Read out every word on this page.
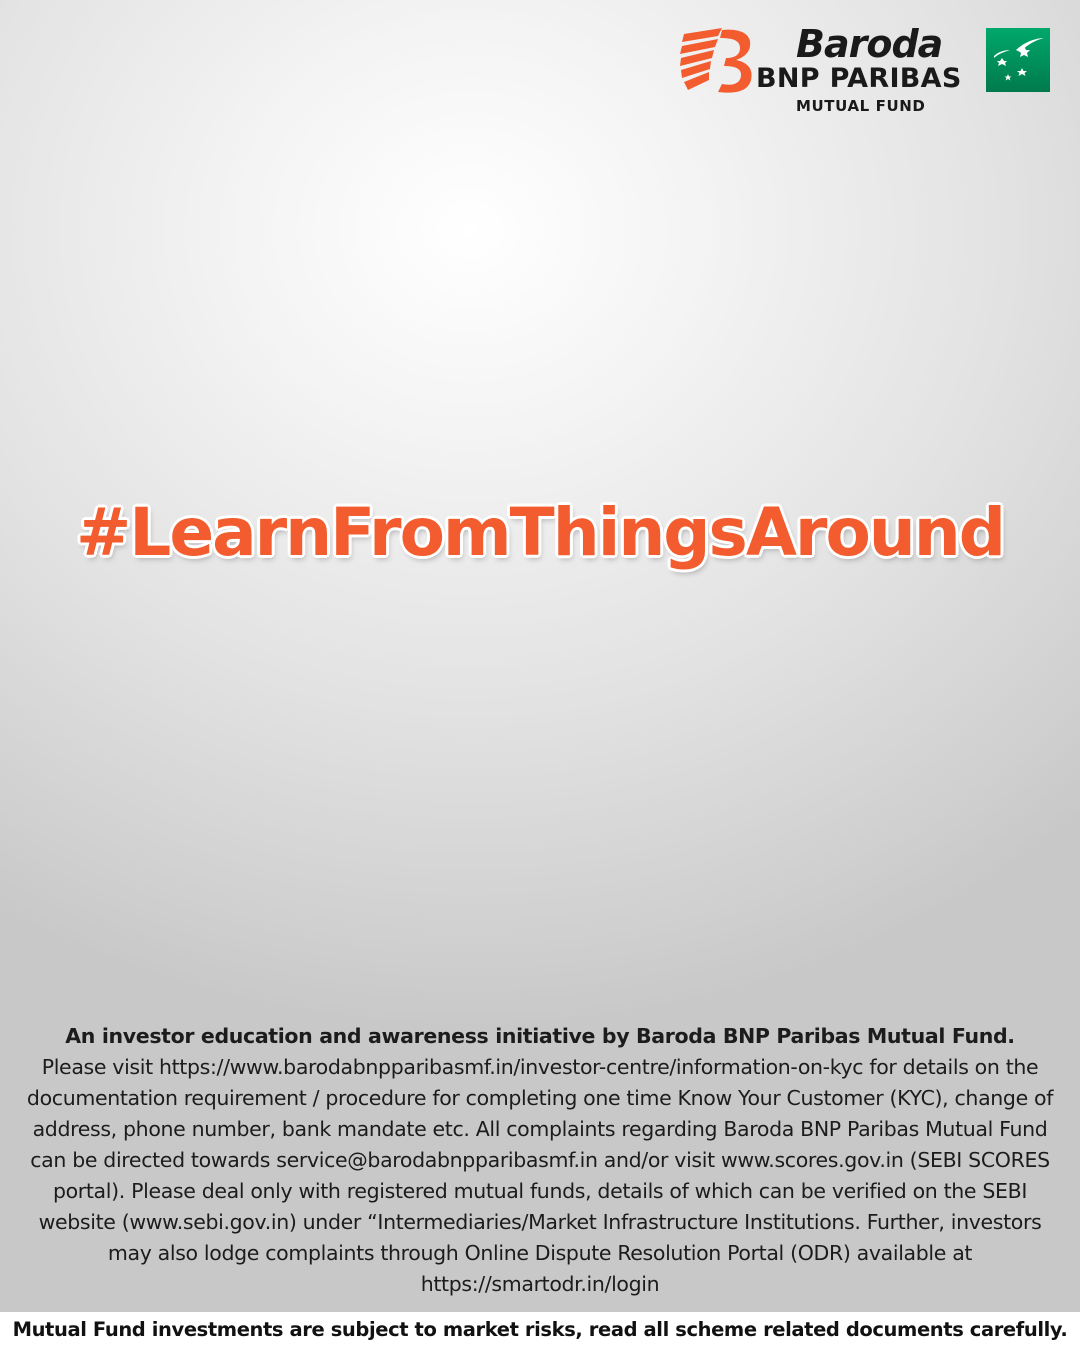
Baroda
BNP PARIBAS
MUTUAL FUND
#LearnFromThingsAround
An investor education and awareness initiative by Baroda BNP Paribas Mutual Fund.
Please visit https://www.barodabnpparibasmf.in/investor-centre/information-on-kyc for details on the documentation requirement / procedure for completing one time Know Your Customer (KYC), change of address, phone number, bank mandate etc. All complaints regarding Baroda BNP Paribas Mutual Fund can be directed towards service@barodabnpparibasmf.in and/or visit www.scores.gov.in (SEBI SCORES portal). Please deal only with registered mutual funds, details of which can be verified on the SEBI website (www.sebi.gov.in) under “Intermediaries/Market Infrastructure Institutions. Further, investors may also lodge complaints through Online Dispute Resolution Portal (ODR) available at https://smartodr.in/login
Mutual Fund investments are subject to market risks, read all scheme related documents carefully.
